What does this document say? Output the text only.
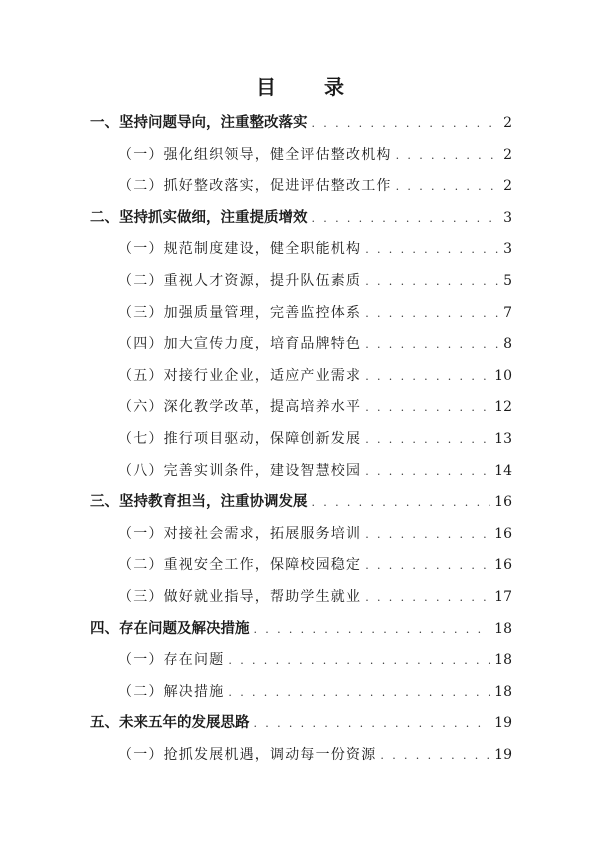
目　录
一、坚持问题导向，注重整改落实 . . .	2
（一）强化组织领导，健全评估整改机构 . . .	2
（二）抓好整改落实，促进评估整改工作 . . .	2
二、坚持抓实做细，注重提质增效 . . .	3
（一）规范制度建设，健全职能机构 . . .	3
（二）重视人才资源，提升队伍素质 . . .	5
（三）加强质量管理，完善监控体系 . . .	7
（四）加大宣传力度，培育品牌特色 . . .	8
（五）对接行业企业，适应产业需求 . . .	10
（六）深化教学改革，提高培养水平 . . .	12
（七）推行项目驱动，保障创新发展 . . .	13
（八）完善实训条件，建设智慧校园 . . .	14
三、坚持教育担当，注重协调发展 . . .	16
（一）对接社会需求，拓展服务培训 . . .	16
（二）重视安全工作，保障校园稳定 . . .	16
（三）做好就业指导，帮助学生就业 . . .	17
四、存在问题及解决措施 . . .	18
（一）存在问题 . . .	18
（二）解决措施 . . .	18
五、未来五年的发展思路 . . .	19
（一）抢抓发展机遇，调动每一份资源 . . .	19
